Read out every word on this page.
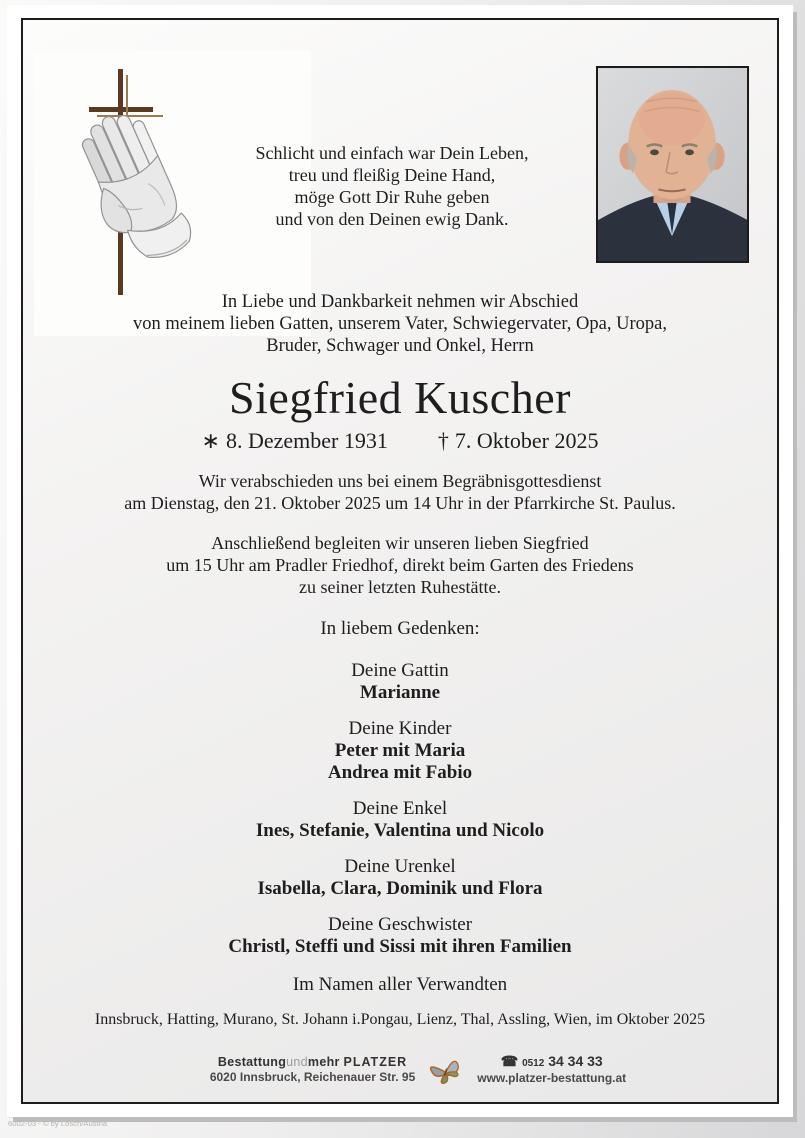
Schlicht und einfach war Dein Leben,
treu und fleißig Deine Hand,
möge Gott Dir Ruhe geben
und von den Deinen ewig Dank.
In Liebe und Dankbarkeit nehmen wir Abschied
von meinem lieben Gatten, unserem Vater, Schwiegervater, Opa, Uropa,
Bruder, Schwager und Onkel, Herrn
Siegfried Kuscher
∗ 8. Dezember 1931 † 7. Oktober 2025
Wir verabschieden uns bei einem Begräbnisgottesdienst
am Dienstag, den 21. Oktober 2025 um 14 Uhr in der Pfarrkirche St. Paulus.
Anschließend begleiten wir unseren lieben Siegfried
um 15 Uhr am Pradler Friedhof, direkt beim Garten des Friedens
zu seiner letzten Ruhestätte.
In liebem Gedenken:
Deine Gattin
Marianne
Deine Kinder
Peter mit Maria
Andrea mit Fabio
Deine Enkel
Ines, Stefanie, Valentina und Nicolo
Deine Urenkel
Isabella, Clara, Dominik und Flora
Deine Geschwister
Christl, Steffi und Sissi mit ihren Familien
Im Namen aller Verwandten
Innsbruck, Hatting, Murano, St. Johann i.Pongau, Lienz, Thal, Assling, Wien, im Oktober 2025
Bestattungundmehr PLATZER
6020 Innsbruck, Reichenauer Str. 95
☎ 0512 34 34 33
www.platzer-bestattung.at
6002-03 - © by Lösch/Austria
